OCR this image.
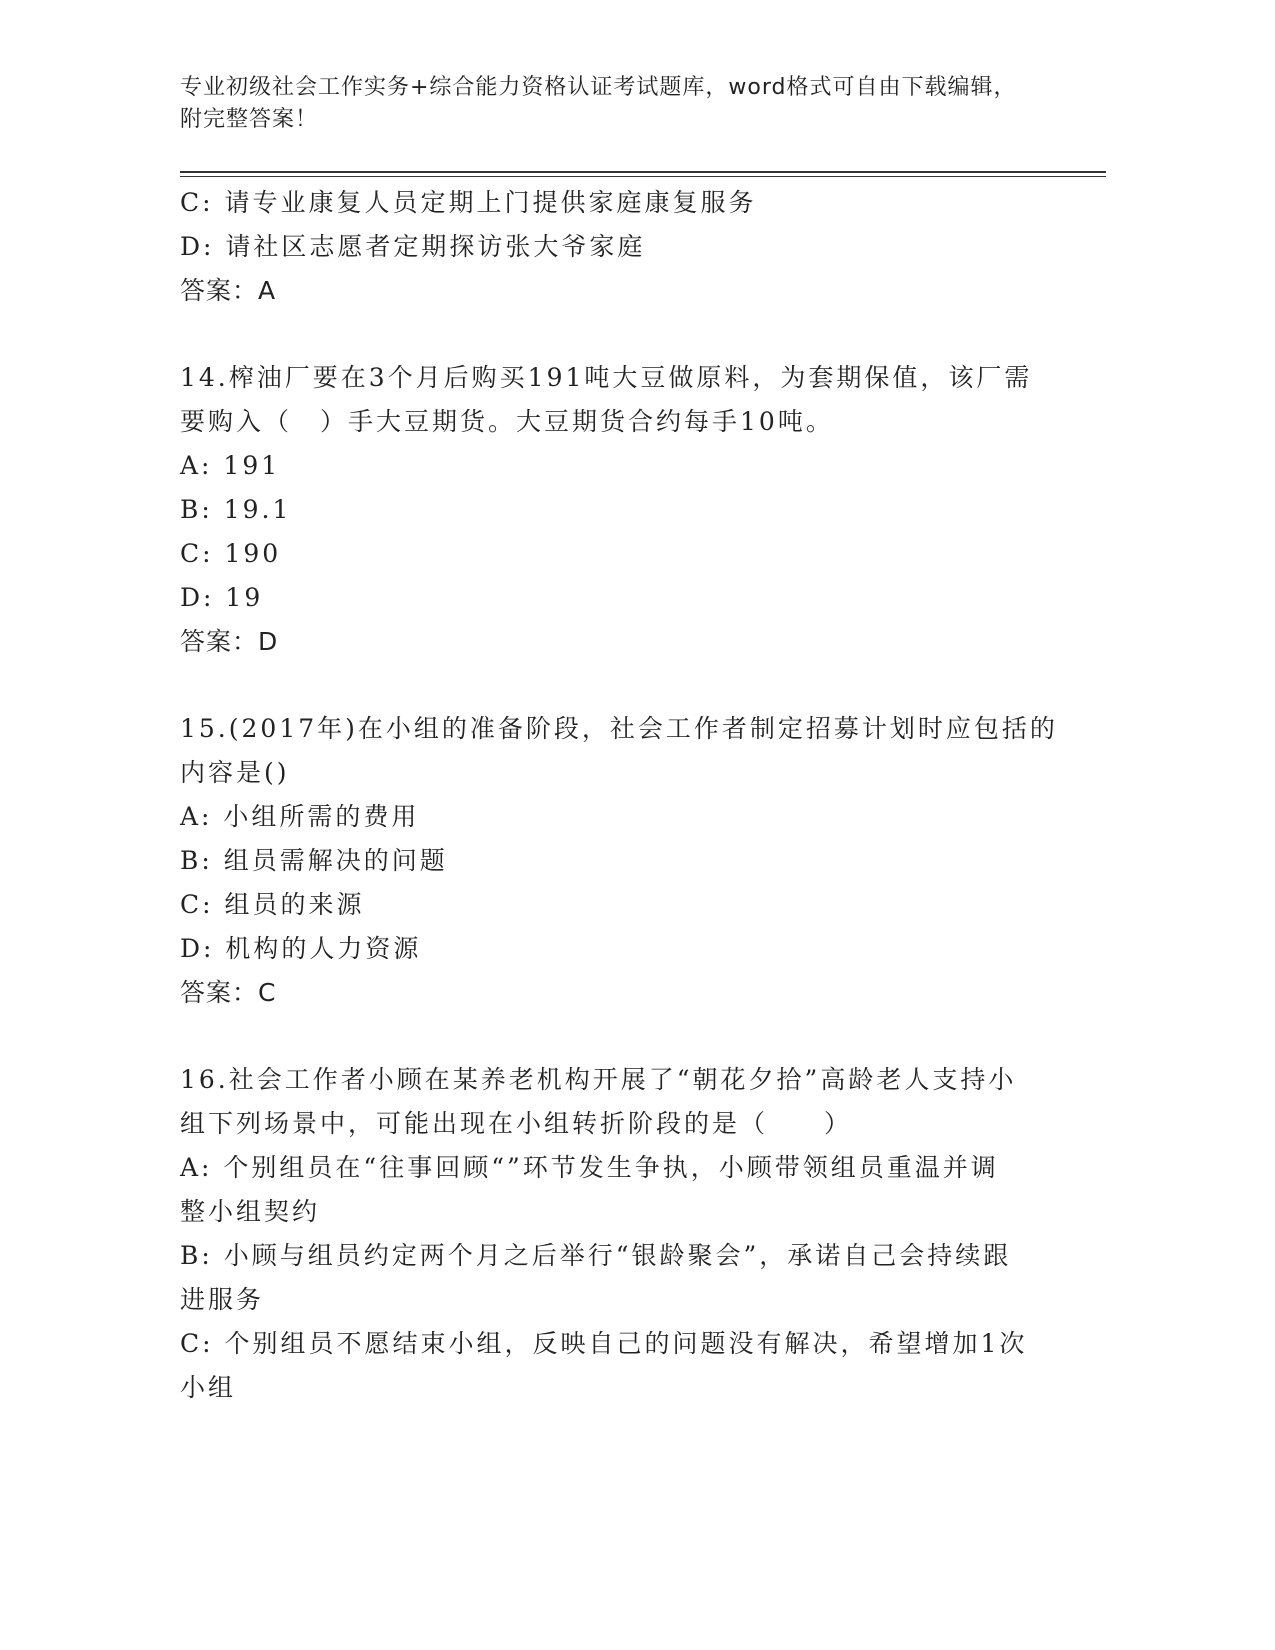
专业初级社会工作实务+综合能力资格认证考试题库，word格式可自由下载编辑，
附完整答案！
C: 请专业康复人员定期上门提供家庭康复服务
D: 请社区志愿者定期探访张大爷家庭
答案：A
14.榨油厂要在3个月后购买191吨大豆做原料，为套期保值，该厂需
要购入（　）手大豆期货。大豆期货合约每手10吨。
A: 191
B: 19.1
C: 190
D: 19
答案：D
15.(2017年)在小组的准备阶段，社会工作者制定招募计划时应包括的
内容是()
A: 小组所需的费用
B: 组员需解决的问题
C: 组员的来源
D: 机构的人力资源
答案：C
16.社会工作者小顾在某养老机构开展了“朝花夕拾”高龄老人支持小
组下列场景中，可能出现在小组转折阶段的是（　　）
A: 个别组员在“往事回顾“”环节发生争执，小顾带领组员重温并调
整小组契约
B: 小顾与组员约定两个月之后举行“银龄聚会”，承诺自己会持续跟
进服务
C: 个别组员不愿结束小组，反映自己的问题没有解决，希望增加1次
小组
